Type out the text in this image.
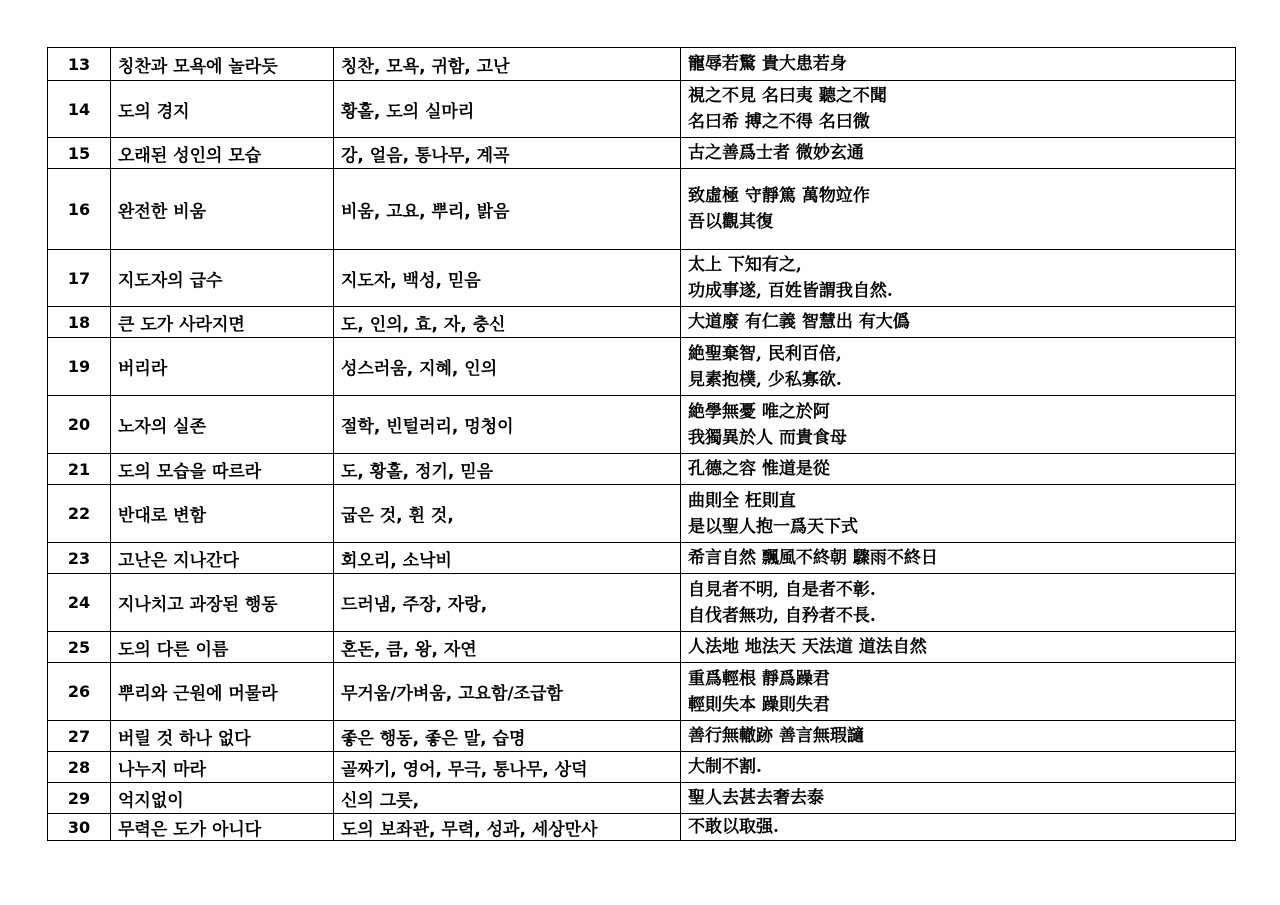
13	칭찬과 모욕에 놀라듯	칭찬, 모욕, 귀함, 고난	寵辱若驚 貴大患若身

14	도의 경지	황홀, 도의 실마리	視之不見 名曰夷 聽之不聞
名曰希 搏之不得 名曰微

15	오래된 성인의 모습	강, 얼음, 통나무, 계곡	古之善爲士者 微妙玄通

16	완전한 비움	비움, 고요, 뿌리, 밝음	致虛極 守靜篤 萬物竝作
吾以觀其復

17	지도자의 급수	지도자, 백성, 믿음	太上 下知有之,
功成事遂, 百姓皆謂我自然.

18	큰 도가 사라지면	도, 인의, 효, 자, 충신	大道廢 有仁義 智慧出 有大僞

19	버리라	성스러움, 지혜, 인의	絶聖棄智, 民利百倍,
見素抱樸, 少私寡欲.

20	노자의 실존	절학, 빈털러리, 멍청이	絶學無憂 唯之於阿
我獨異於人 而貴食母

21	도의 모습을 따르라	도, 황홀, 정기, 믿음	孔德之容 惟道是從

22	반대로 변함	굽은 것, 휜 것,	曲則全 枉則直
是以聖人抱一爲天下式

23	고난은 지나간다	회오리, 소낙비	希言自然 飄風不終朝 驟雨不終日

24	지나치고 과장된 행동	드러냄, 주장, 자랑,	自見者不明, 自是者不彰.
自伐者無功, 自矜者不長.

25	도의 다른 이름	혼돈, 큼, 왕, 자연	人法地 地法天 天法道 道法自然

26	뿌리와 근원에 머물라	무거움/가벼움, 고요함/조급함	重爲輕根 靜爲躁君
輕則失本 躁則失君

27	버릴 것 하나 없다	좋은 행동, 좋은 말, 습명	善行無轍跡 善言無瑕讁

28	나누지 마라	골짜기, 영어, 무극, 통나무, 상덕	大制不割.

29	억지없이	신의 그릇,	聖人去甚去奢去泰

30	무력은 도가 아니다	도의 보좌관, 무력, 성과, 세상만사	不敢以取强.
